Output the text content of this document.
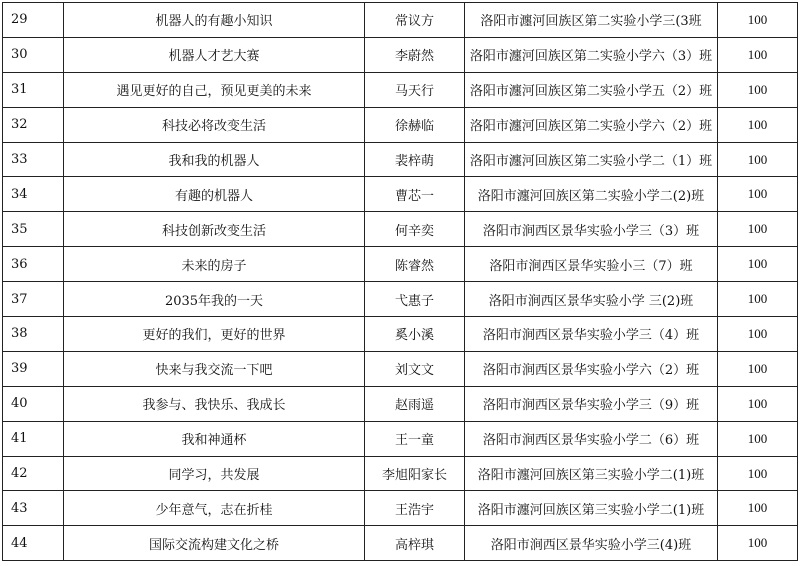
29	机器人的有趣小知识	常议方	洛阳市瀍河回族区第二实验小学三(3班	100
30	机器人才艺大赛	李蔚然	洛阳市瀍河回族区第二实验小学六（3）班	100
31	遇见更好的自己，预见更美的未来	马天行	洛阳市瀍河回族区第二实验小学五（2）班	100
32	科技必将改变生活	徐赫临	洛阳市瀍河回族区第二实验小学六（2）班	100
33	我和我的机器人	裴梓萌	洛阳市瀍河回族区第二实验小学二（1）班	100
34	有趣的机器人	曹芯一	洛阳市瀍河回族区第二实验小学二(2)班	100
35	科技创新改变生活	何辛奕	洛阳市涧西区景华实验小学三（3）班	100
36	未来的房子	陈睿然	洛阳市涧西区景华实验小三（7）班	100
37	2035年我的一天	弋惠子	洛阳市涧西区景华实验小学 三(2)班	100
38	更好的我们，更好的世界	奚小溪	洛阳市涧西区景华实验小学三（4）班	100
39	快来与我交流一下吧	刘文文	洛阳市涧西区景华实验小学六（2）班	100
40	我参与、我快乐、我成长	赵雨遥	洛阳市涧西区景华实验小学三（9）班	100
41	我和神通杯	王一童	洛阳市涧西区景华实验小学二（6）班	100
42	同学习，共发展	李旭阳家长	洛阳市瀍河回族区第三实验小学二(1)班	100
43	少年意气，志在折桂	王浩宇	洛阳市瀍河回族区第三实验小学二(1)班	100
44	国际交流构建文化之桥	高梓琪	洛阳市涧西区景华实验小学三(4)班	100
